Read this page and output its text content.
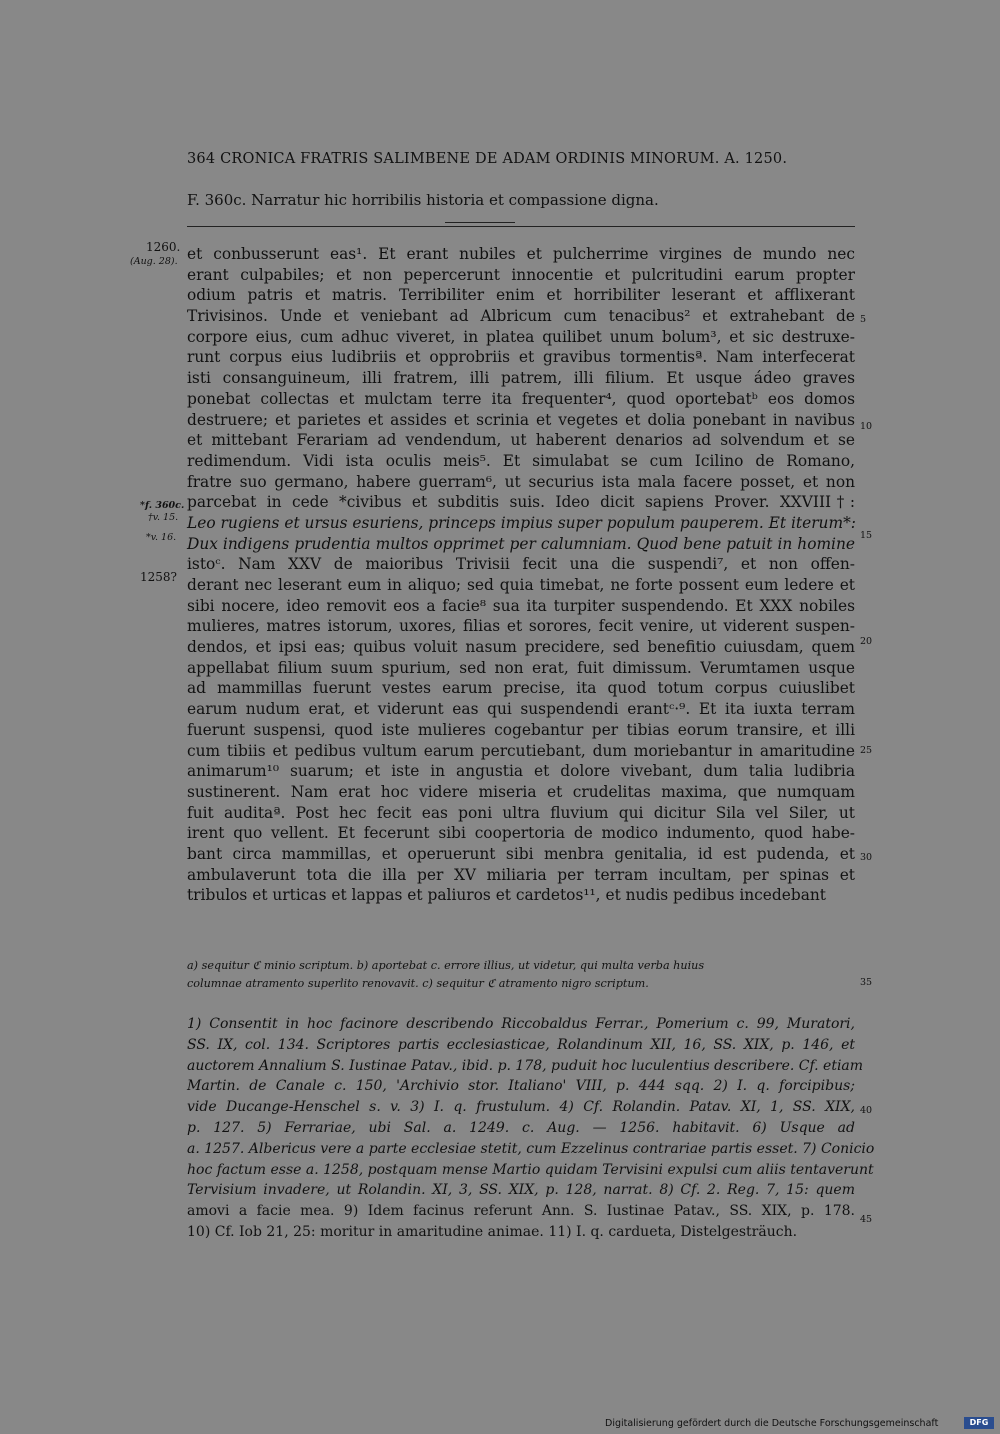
364 CRONICA FRATRIS SALIMBENE DE ADAM ORDINIS MINORUM. A. 1250.
F. 360c. Narratur hic horribilis historia et compassione digna.
1260.
(Aug. 28).
*f. 360c.
†v. 15.
*v. 16.
1258?
5
10
15
20
25
30
35
40
45
et conbusserunt eas¹. Et erant nubiles et pulcherrime virgines de mundo nec
erant culpabiles; et non pepercerunt innocentie et pulcritudini earum propter
odium patris et matris. Terribiliter enim et horribiliter leserant et afflixerant
Trivisinos. Unde et veniebant ad Albricum cum tenacibus² et extrahebant de
corpore eius, cum adhuc viveret, in platea quilibet unum bolum³, et sic destruxe-
runt corpus eius ludibriis et opprobriis et gravibus tormentisª. Nam interfecerat
isti consanguineum, illi fratrem, illi patrem, illi filium. Et usque ádeo graves
ponebat collectas et mulctam terre ita frequenter⁴, quod oportebatᵇ eos domos
destruere; et parietes et assides et scrinia et vegetes et dolia ponebant in navibus
et mittebant Ferariam ad vendendum, ut haberent denarios ad solvendum et se
redimendum. Vidi ista oculis meis⁵. Et simulabat se cum Icilino de Romano,
fratre suo germano, habere guerram⁶, ut securius ista mala facere posset, et non
parcebat in cede *civibus et subditis suis. Ideo dicit sapiens Prover. XXVIII†:
Leo rugiens et ursus esuriens, princeps impius super populum pauperem. Et iterum*:
Dux indigens prudentia multos opprimet per calumniam. Quod bene patuit in homine
istoᶜ. Nam XXV de maioribus Trivisii fecit una die suspendi⁷, et non offen-
derant nec leserant eum in aliquo; sed quia timebat, ne forte possent eum ledere et
sibi nocere, ideo removit eos a facie⁸ sua ita turpiter suspendendo. Et XXX nobiles
mulieres, matres istorum, uxores, filias et sorores, fecit venire, ut viderent suspen-
dendos, et ipsi eas; quibus voluit nasum precidere, sed benefitio cuiusdam, quem
appellabat filium suum spurium, sed non erat, fuit dimissum. Verumtamen usque
ad mammillas fuerunt vestes earum precise, ita quod totum corpus cuiuslibet
earum nudum erat, et viderunt eas qui suspendendi erantᶜ·⁹. Et ita iuxta terram
fuerunt suspensi, quod iste mulieres cogebantur per tibias eorum transire, et illi
cum tibiis et pedibus vultum earum percutiebant, dum moriebantur in amaritudine
animarum¹⁰ suarum; et iste in angustia et dolore vivebant, dum talia ludibria
sustinerent. Nam erat hoc videre miseria et crudelitas maxima, que numquam
fuit auditaª. Post hec fecit eas poni ultra fluvium qui dicitur Sila vel Siler, ut
irent quo vellent. Et fecerunt sibi coopertoria de modico indumento, quod habe-
bant circa mammillas, et operuerunt sibi menbra genitalia, id est pudenda, et
ambulaverunt tota die illa per XV miliaria per terram incultam, per spinas et
tribulos et urticas et lappas et paliuros et cardetos¹¹, et nudis pedibus incedebant
a) sequitur ℭ minio scriptum. b) aportebat c. errore illius, ut videtur, qui multa verba huius
columnae atramento superlito renovavit. c) sequitur ℭ atramento nigro scriptum.
1) Consentit in hoc facinore describendo Riccobaldus Ferrar., Pomerium c. 99, Muratori,
SS. IX, col. 134. Scriptores partis ecclesiasticae, Rolandinum XII, 16, SS. XIX, p. 146, et
auctorem Annalium S. Iustinae Patav., ibid. p. 178, puduit hoc luculentius describere. Cf. etiam
Martin. de Canale c. 150, 'Archivio stor. Italiano' VIII, p. 444 sqq. 2) I. q. forcipibus;
vide Ducange-Henschel s. v. 3) I. q. frustulum. 4) Cf. Rolandin. Patav. XI, 1, SS. XIX,
p. 127. 5) Ferrariae, ubi Sal. a. 1249. c. Aug. — 1256. habitavit. 6) Usque ad
a. 1257. Albericus vere a parte ecclesiae stetit, cum Ezzelinus contrariae partis esset. 7) Conicio
hoc factum esse a. 1258, postquam mense Martio quidam Tervisini expulsi cum aliis tentaverunt
Tervisium invadere, ut Rolandin. XI, 3, SS. XIX, p. 128, narrat. 8) Cf. 2. Reg. 7, 15: quem
amovi a facie mea. 9) Idem facinus referunt Ann. S. Iustinae Patav., SS. XIX, p. 178.
10) Cf. Iob 21, 25: moritur in amaritudine animae. 11) I. q. cardueta, Distelgesträuch.
Digitalisierung gefördert durch die Deutsche Forschungsgemeinschaft	DFG
